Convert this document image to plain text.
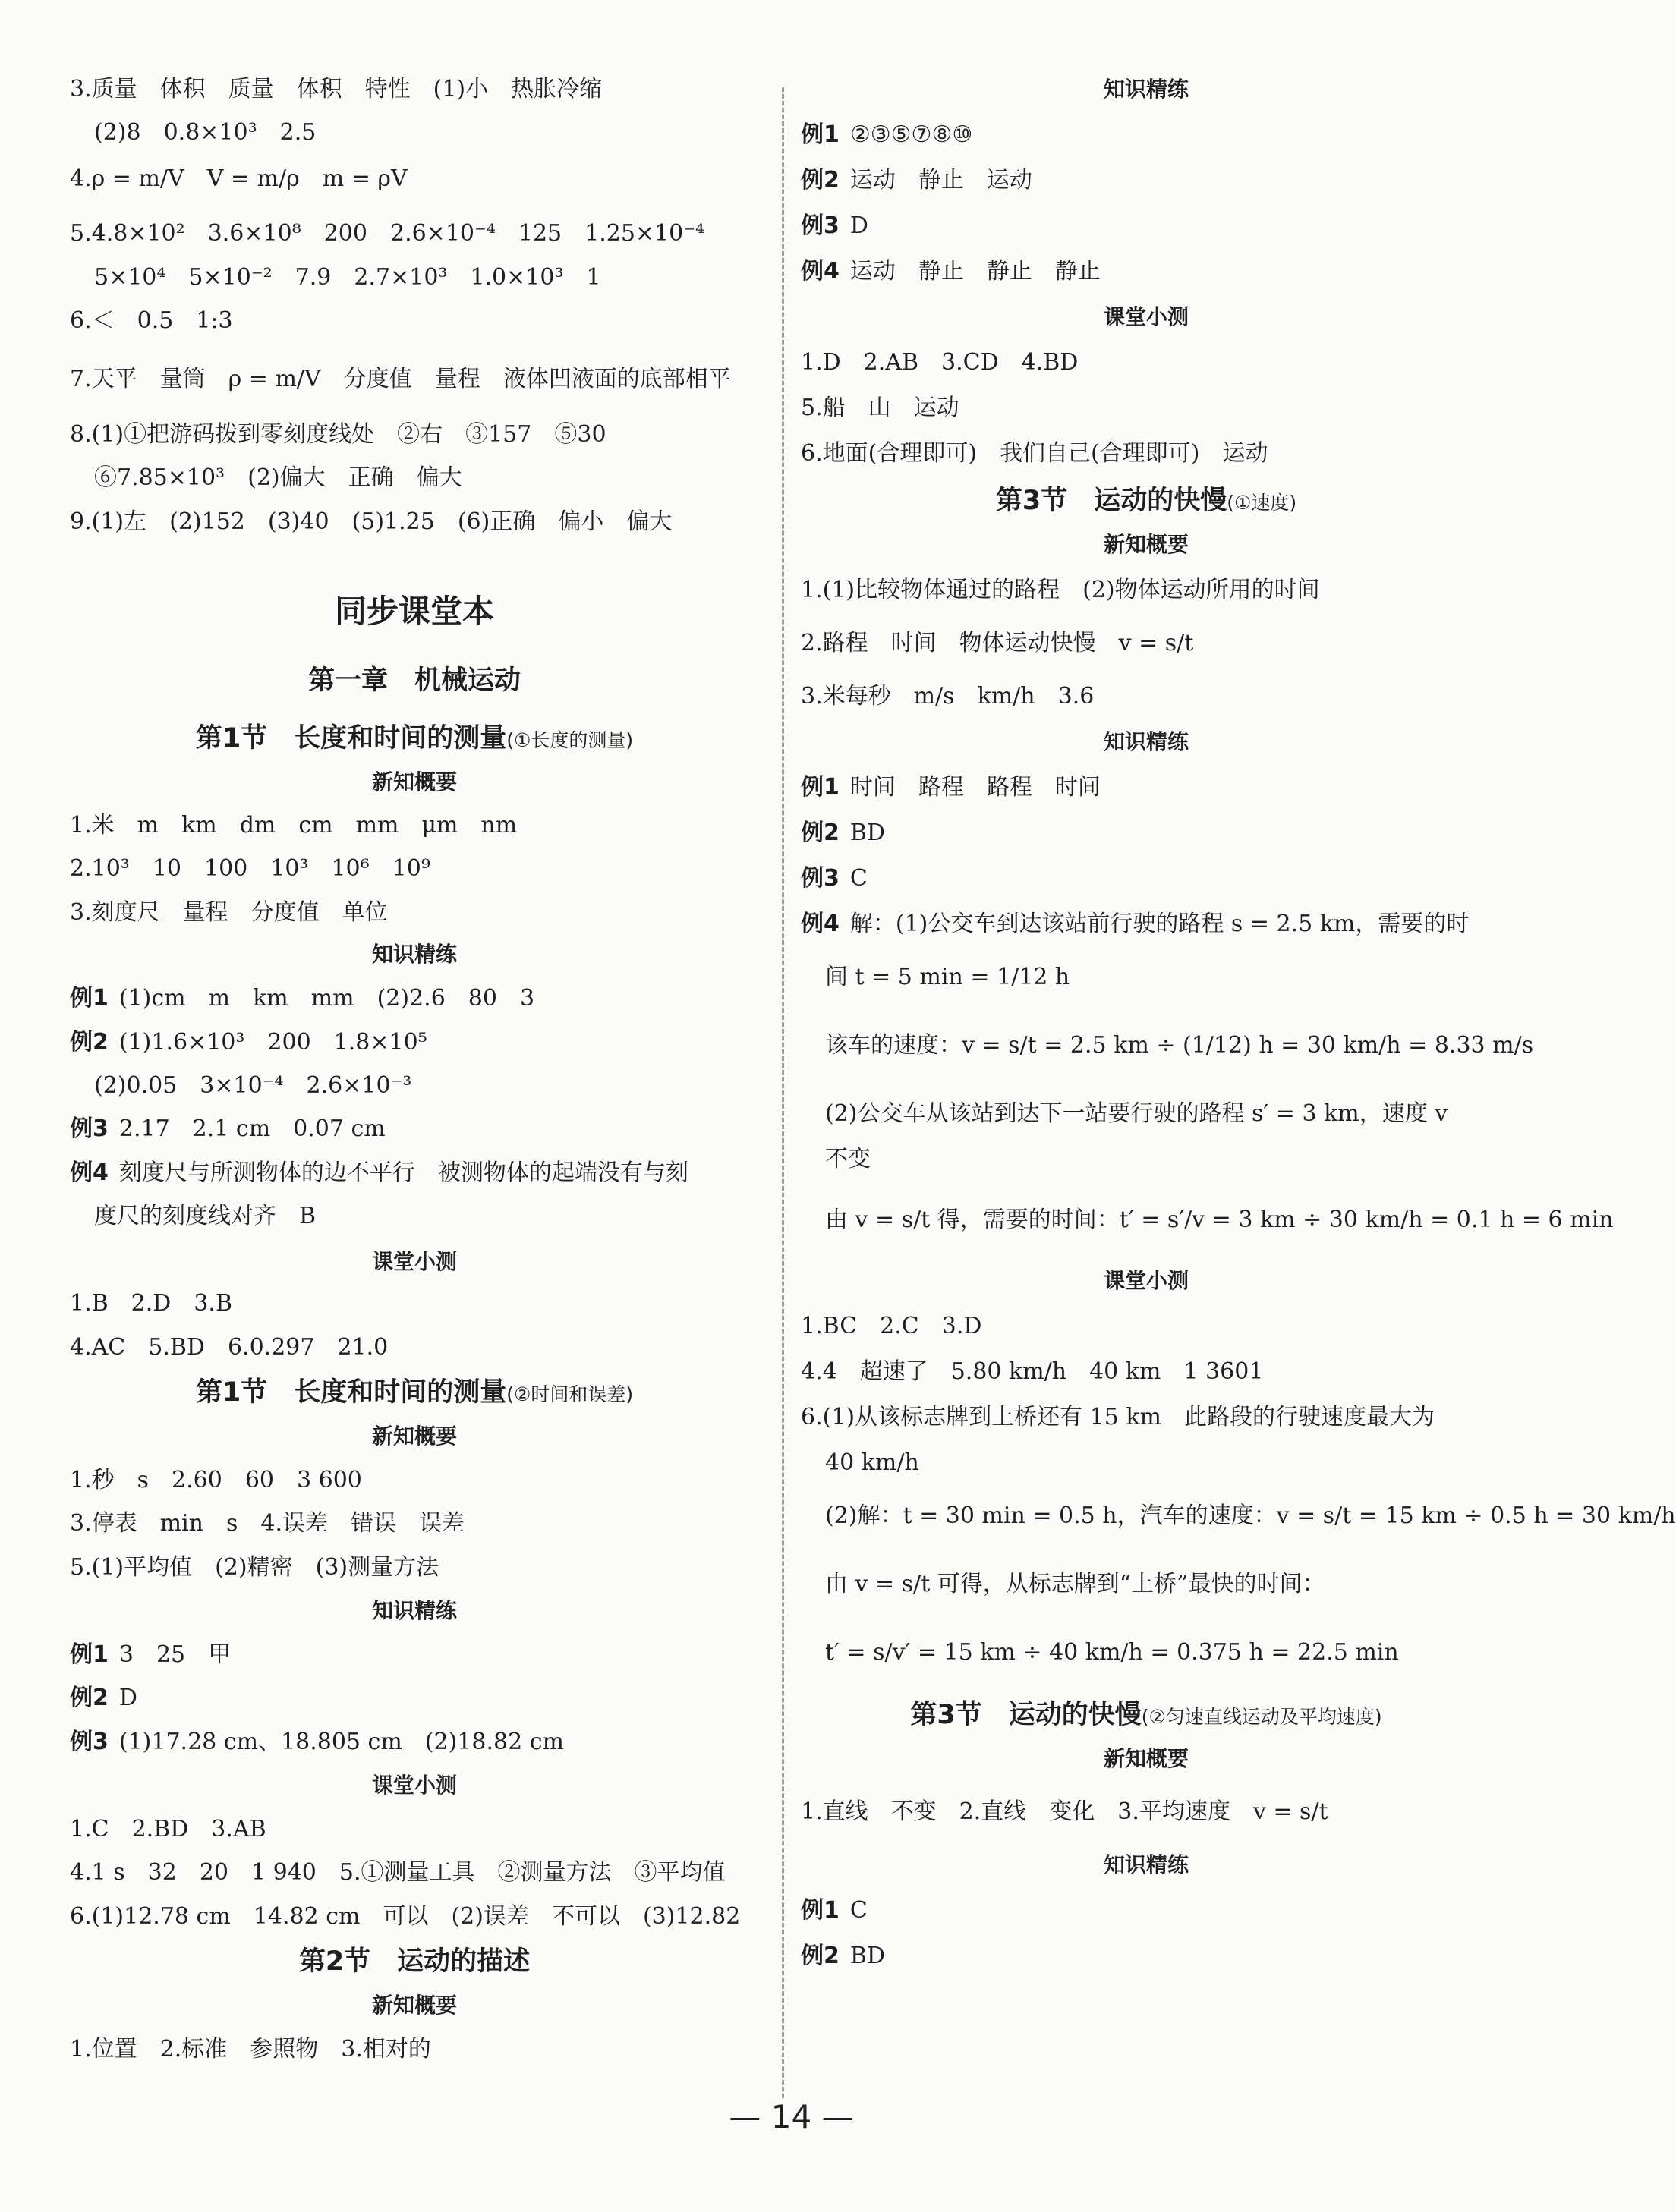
3.质量　体积　质量　体积　特性　(1)小　热胀冷缩
(2)8　0.8×10³　2.5
4.ρ = m/V　V = m/ρ　m = ρV
5.4.8×10²　3.6×10⁸　200　2.6×10⁻⁴　125　1.25×10⁻⁴
5×10⁴　5×10⁻²　7.9　2.7×10³　1.0×10³　1
6.＜　0.5　1:3
7.天平　量筒　ρ = m/V　分度值　量程　液体凹液面的底部相平
8.(1)①把游码拨到零刻度线处　②右　③157　⑤30
⑥7.85×10³　(2)偏大　正确　偏大
9.(1)左　(2)152　(3)40　(5)1.25　(6)正确　偏小　偏大
同步课堂本
第一章　机械运动
第1节　长度和时间的测量(①长度的测量)
新知概要
1.米　m　km　dm　cm　mm　μm　nm
2.10³　10　100　10³　10⁶　10⁹
3.刻度尺　量程　分度值　单位
知识精练
例1 (1)cm　m　km　mm　(2)2.6　80　3
例2 (1)1.6×10³　200　1.8×10⁵
(2)0.05　3×10⁻⁴　2.6×10⁻³
例3 2.17　2.1 cm　0.07 cm
例4 刻度尺与所测物体的边不平行　被测物体的起端没有与刻
度尺的刻度线对齐　B
课堂小测
1.B　2.D　3.B
4.AC　5.BD　6.0.297　21.0
第1节　长度和时间的测量(②时间和误差)
新知概要
1.秒　s　2.60　60　3 600
3.停表　min　s　4.误差　错误　误差
5.(1)平均值　(2)精密　(3)测量方法
知识精练
例1 3　25　甲
例2 D
例3 (1)17.28 cm、18.805 cm　(2)18.82 cm
课堂小测
1.C　2.BD　3.AB
4.1 s　32　20　1 940　5.①测量工具　②测量方法　③平均值
6.(1)12.78 cm　14.82 cm　可以　(2)误差　不可以　(3)12.82
第2节　运动的描述
新知概要
1.位置　2.标准　参照物　3.相对的
知识精练
例1 ②③⑤⑦⑧⑩
例2 运动　静止　运动
例3 D
例4 运动　静止　静止　静止
课堂小测
1.D　2.AB　3.CD　4.BD
5.船　山　运动
6.地面(合理即可)　我们自己(合理即可)　运动
第3节　运动的快慢(①速度)
新知概要
1.(1)比较物体通过的路程　(2)物体运动所用的时间
2.路程　时间　物体运动快慢　v = s/t
3.米每秒　m/s　km/h　3.6
知识精练
例1 时间　路程　路程　时间
例2 BD
例3 C
例4 解：(1)公交车到达该站前行驶的路程 s = 2.5 km，需要的时
间 t = 5 min = 1/12 h
该车的速度：v = s/t = 2.5 km ÷ (1/12) h = 30 km/h = 8.33 m/s
(2)公交车从该站到达下一站要行驶的路程 s′ = 3 km，速度 v
不变
由 v = s/t 得，需要的时间：t′ = s′/v = 3 km ÷ 30 km/h = 0.1 h = 6 min
课堂小测
1.BC　2.C　3.D
4.4　超速了　5.80 km/h　40 km　1 3601
6.(1)从该标志牌到上桥还有 15 km　此路段的行驶速度最大为
40 km/h
(2)解：t = 30 min = 0.5 h，汽车的速度：v = s/t = 15 km ÷ 0.5 h = 30 km/h
由 v = s/t 可得，从标志牌到“上桥”最快的时间：
t′ = s/v′ = 15 km ÷ 40 km/h = 0.375 h = 22.5 min
第3节　运动的快慢(②匀速直线运动及平均速度)
新知概要
1.直线　不变　2.直线　变化　3.平均速度　v = s/t
知识精练
例1 C
例2 BD
— 14 —
